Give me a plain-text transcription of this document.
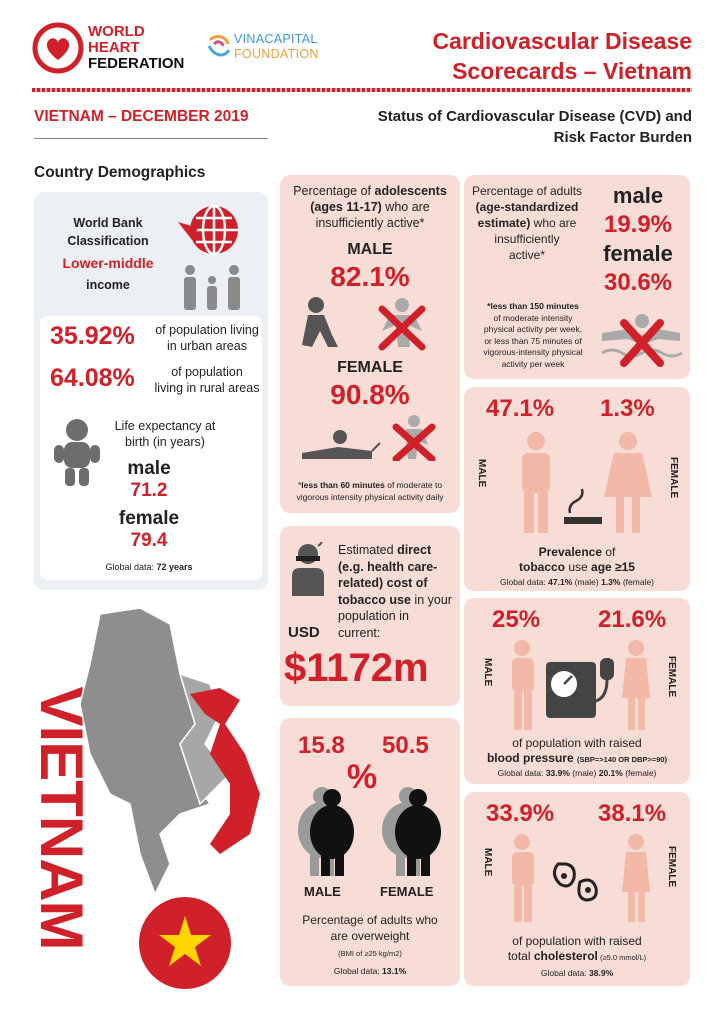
WORLD
HEART
FEDERATION
VINACAPITAL
FOUNDATION	Cardiovascular Disease
Scorecards – Vietnam
VIETNAM – DECEMBER 2019	Status of Cardiovascular Disease (CVD) and
Risk Factor Burden
Country Demographics
World Bank
Classification
Lower-middle
income
35.92%	of population living
in urban areas
64.08%	of population
living in rural areas
Life expectancy at
birth (in years)
male
71.2
female
79.4
Global data: 72 years
VIETNAM
Percentage of adolescents
(ages 11-17) who are
insufficiently active*
MALE
82.1%
FEMALE
90.8%
*less than 60 minutes of moderate to
vigorous intensity physical activity daily
Percentage of adults
(age-standardized
estimate) who are
insufficiently
active*
male
19.9%
female
30.6%
*less than 150 minutes
of moderate intensity
physical activity per week,
or less than 75 minutes of
vigorous-intensity physical
activity per week
47.1% 1.3%
MALE	FEMALE
Prevalence of
tobacco use age ≥15
Global data: 47.1% (male) 1.3% (female)
Estimated direct
(e.g. health care-
related) cost of
tobacco use in your
population in
current:
USD
$1172m
25% 21.6%
MALE	FEMALE
of population with raised
blood pressure (SBP=>140 OR DBP>=90)
Global data: 33.9% (male) 20.1% (female)
15.8 50.5
%
MALE	FEMALE
Percentage of adults who
are overweight
(BMI of ≥25 kg/m2)
Global data: 13.1%
33.9% 38.1%
MALE	FEMALE
of population with raised
total cholesterol (≥5.0 mmol/L)
Global data: 38.9%
